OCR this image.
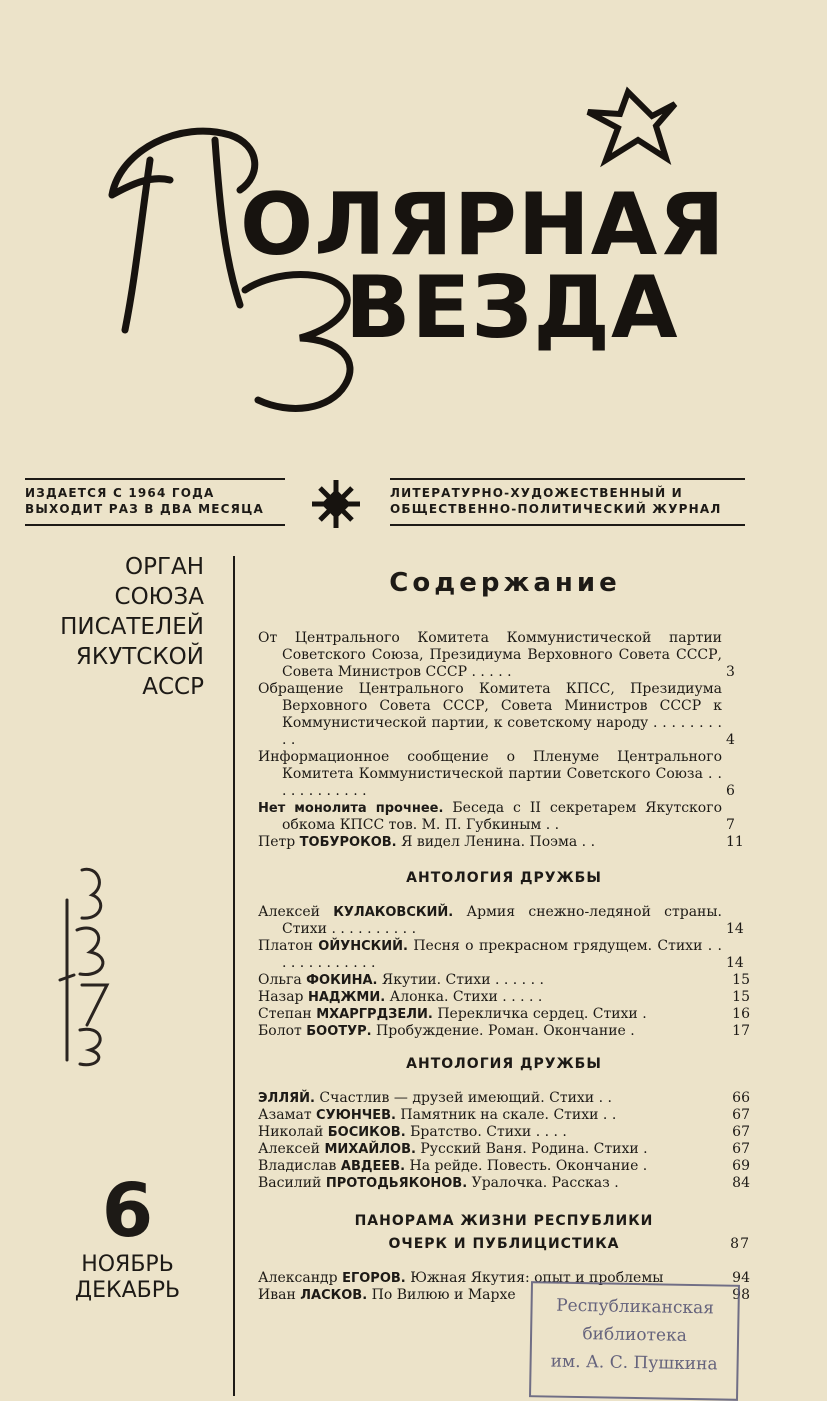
ОЛЯРНАЯ
ВЕЗДА
ИЗДАЕТСЯ С 1964 ГОДА
ВЫХОДИТ РАЗ В ДВА МЕСЯЦА
ЛИТЕРАТУРНО-ХУДОЖЕСТВЕННЫЙ И
ОБЩЕСТВЕННО-ПОЛИТИЧЕСКИЙ ЖУРНАЛ
ОРГАН
СОЮЗА
ПИСАТЕЛЕЙ
ЯКУТСКОЙ
АССР
Содержание
От Центрального Комитета Коммунистической партии Советского Союза, Президиума Верховного Совета СССР, Совета Министров СССР . . . . .	3
Обращение Центрального Комитета КПСС, Президиума Верховного Совета СССР, Совета Министров СССР к Коммунистической партии, к советскому народу . . . . . . . . . .	4
Информационное сообщение о Пленуме Центрального Комитета Коммунистической партии Советского Союза . . . . . . . . . . . .	6
Нет монолита прочнее. Беседа с II секретарем Якутского обкома КПСС тов. М. П. Губкиным . .	7
Петр ТОБУРОКОВ. Я видел Ленина. Поэма . .	11
АНТОЛОГИЯ ДРУЖБЫ
Алексей КУЛАКОВСКИЙ. Армия снежно-ледяной страны. Стихи . . . . . . . . . .	14
Платон ОЙУНСКИЙ. Песня о прекрасном грядущем. Стихи . . . . . . . . . . . . .	14
Ольга ФОКИНА. Якутии. Стихи . . . . . .	15
Назар НАДЖМИ. Алонка. Стихи . . . . .	15
Степан МХАРГРДЗЕЛИ. Перекличка сердец. Стихи .	16
Болот БООТУР. Пробуждение. Роман. Окончание .	17
АНТОЛОГИЯ ДРУЖБЫ
ЭЛЛЯЙ. Счастлив — друзей имеющий. Стихи . .	66
Азамат СУЮНЧЕВ. Памятник на скале. Стихи . .	67
Николай БОСИКОВ. Братство. Стихи . . . .	67
Алексей МИХАЙЛОВ. Русский Ваня. Родина. Стихи .	67
Владислав АВДЕЕВ. На рейде. Повесть. Окончание .	69
Василий ПРОТОДЬЯКОНОВ. Уралочка. Рассказ .	84
ПАНОРАМА ЖИЗНИ РЕСПУБЛИКИ
ОЧЕРК И ПУБЛИЦИСТИКА	87
Александр ЕГОРОВ. Южная Якутия: опыт и проблемы	94
Иван ЛАСКОВ. По Вилюю и Мархе	98
6
НОЯБРЬ
ДЕКАБРЬ
Республиканская
библиотека
им. А. С. Пушкина
